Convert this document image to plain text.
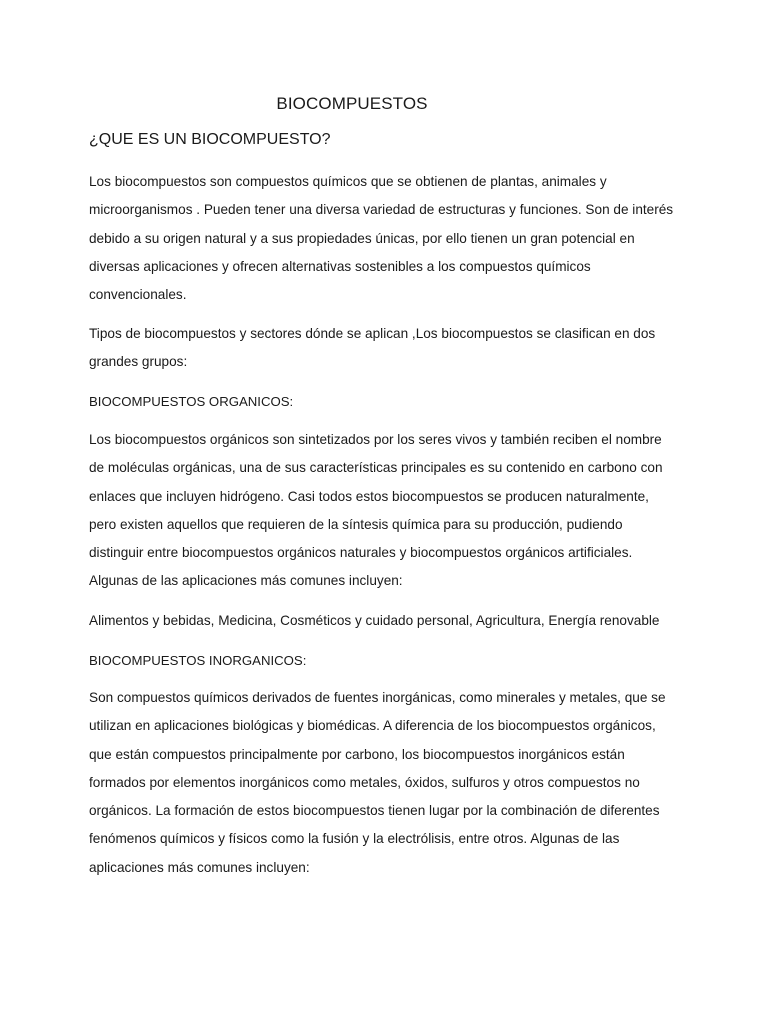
BIOCOMPUESTOS
¿QUE ES UN BIOCOMPUESTO?
Los biocompuestos son compuestos químicos que se obtienen de plantas, animales y
microorganismos . Pueden tener una diversa variedad de estructuras y funciones. Son de interés
debido a su origen natural y a sus propiedades únicas, por ello tienen un gran potencial en
diversas aplicaciones y ofrecen alternativas sostenibles a los compuestos químicos
convencionales.
Tipos de biocompuestos y sectores dónde se aplican ,Los biocompuestos se clasifican en dos
grandes grupos:
BIOCOMPUESTOS ORGANICOS:
Los biocompuestos orgánicos son sintetizados por los seres vivos y también reciben el nombre
de moléculas orgánicas, una de sus características principales es su contenido en carbono con
enlaces que incluyen hidrógeno. Casi todos estos biocompuestos se producen naturalmente,
pero existen aquellos que requieren de la síntesis química para su producción, pudiendo
distinguir entre biocompuestos orgánicos naturales y biocompuestos orgánicos artificiales.
Algunas de las aplicaciones más comunes incluyen:
Alimentos y bebidas, Medicina, Cosméticos y cuidado personal, Agricultura, Energía renovable
BIOCOMPUESTOS INORGANICOS:
Son compuestos químicos derivados de fuentes inorgánicas, como minerales y metales, que se
utilizan en aplicaciones biológicas y biomédicas. A diferencia de los biocompuestos orgánicos,
que están compuestos principalmente por carbono, los biocompuestos inorgánicos están
formados por elementos inorgánicos como metales, óxidos, sulfuros y otros compuestos no
orgánicos. La formación de estos biocompuestos tienen lugar por la combinación de diferentes
fenómenos químicos y físicos como la fusión y la electrólisis, entre otros. Algunas de las
aplicaciones más comunes incluyen:
